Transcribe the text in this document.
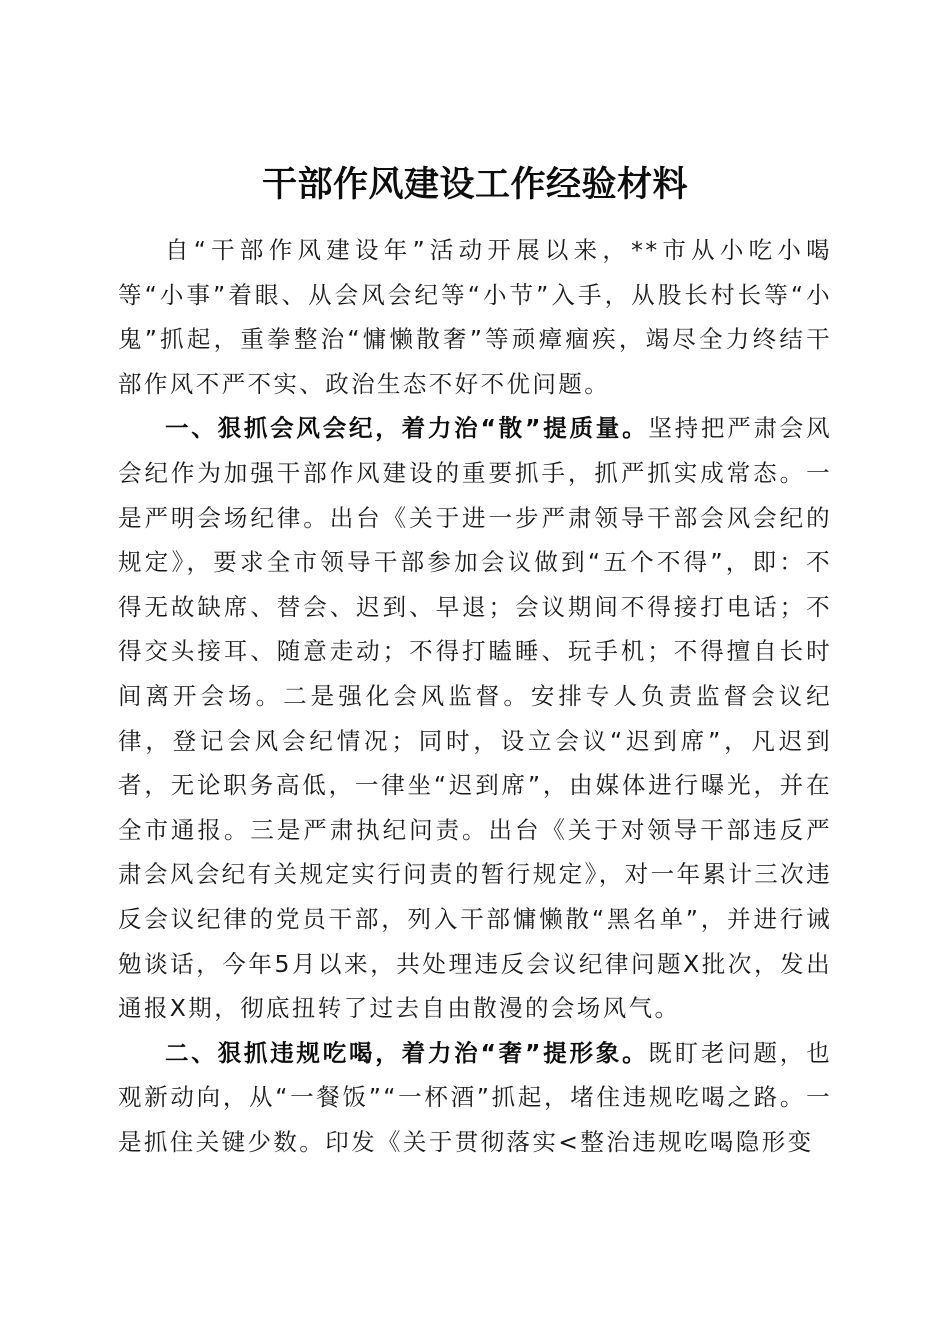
干部作风建设工作经验材料

自“干部作风建设年”活动开展以来，**市从小吃小喝等“小事”着眼、从会风会纪等“小节”入手，从股长村长等“小鬼”抓起，重拳整治“慵懒散奢”等顽瘴痼疾，竭尽全力终结干部作风不严不实、政治生态不好不优问题。

一、狠抓会风会纪，着力治“散”提质量。坚持把严肃会风会纪作为加强干部作风建设的重要抓手，抓严抓实成常态。一是严明会场纪律。出台《关于进一步严肃领导干部会风会纪的规定》，要求全市领导干部参加会议做到“五个不得”，即：不得无故缺席、替会、迟到、早退；会议期间不得接打电话；不得交头接耳、随意走动；不得打瞌睡、玩手机；不得擅自长时间离开会场。二是强化会风监督。安排专人负责监督会议纪律，登记会风会纪情况；同时，设立会议“迟到席”，凡迟到者，无论职务高低，一律坐“迟到席”，由媒体进行曝光，并在全市通报。三是严肃执纪问责。出台《关于对领导干部违反严肃会风会纪有关规定实行问责的暂行规定》，对一年累计三次违反会议纪律的党员干部，列入干部慵懒散“黑名单”，并进行诫勉谈话，今年5月以来，共处理违反会议纪律问题X批次，发出通报X期，彻底扭转了过去自由散漫的会场风气。

二、狠抓违规吃喝，着力治“奢”提形象。既盯老问题，也观新动向，从“一餐饭”“一杯酒”抓起，堵住违规吃喝之路。一是抓住关键少数。印发《关于贯彻落实<整治违规吃喝隐形变
